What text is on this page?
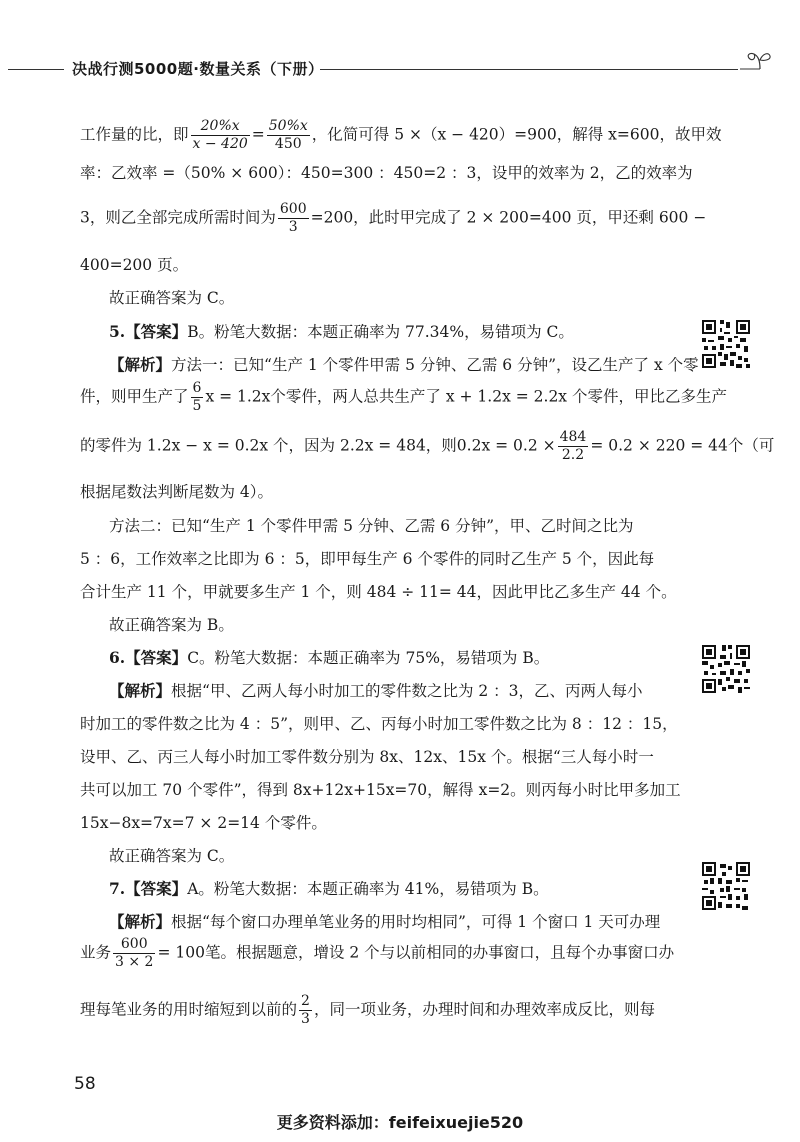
决战行测5000题·数量关系（下册）
工作量的比，即 $\frac{20\%x}{x - 420} = \frac{50\%x}{450}$ ，化简可得 5 ×（x − 420）=900，解得 x=600，故甲效
率：乙效率 =（50% × 600）：450=300 ：450=2 ：3，设甲的效率为 2，乙的效率为
3，则乙全部完成所需时间为 $\frac{600}{3} =200$，此时甲完成了 2 × 200=400 页，甲还剩 600 −
400=200 页。
故正确答案为 C。
5.【答案】B。粉笔大数据：本题正确率为 77.34%，易错项为 C。
【解析】方法一：已知“生产 1 个零件甲需 5 分钟、乙需 6 分钟”，设乙生产了 x 个零
件，则甲生产了 $\frac{6}{5}$ x = 1.2x个零件，两人总共生产了 x + 1.2x = 2.2x 个零件，甲比乙多生产
的零件为 1.2x − x = 0.2x 个，因为 2.2x = 484，则$0.2x = 0.2 \times \frac{484}{2.2} = 0.2 \times 220 = 44$个（可
根据尾数法判断尾数为 4）。
方法二：已知“生产 1 个零件甲需 5 分钟、乙需 6 分钟”，甲、乙时间之比为
5 ：6，工作效率之比即为 6 ：5，即甲每生产 6 个零件的同时乙生产 5 个，因此每
合计生产 11 个，甲就要多生产 1 个，则 484 ÷ 11= 44，因此甲比乙多生产 44 个。
故正确答案为 B。
6.【答案】C。粉笔大数据：本题正确率为 75%，易错项为 B。
【解析】根据“甲、乙两人每小时加工的零件数之比为 2 ：3，乙、丙两人每小
时加工的零件数之比为 4 ：5”，则甲、乙、丙每小时加工零件数之比为 8 ：12 ：15，
设甲、乙、丙三人每小时加工零件数分别为 8x、12x、15x 个。根据“三人每小时一
共可以加工 70 个零件”，得到 8x+12x+15x=70，解得 x=2。则丙每小时比甲多加工
15x−8x=7x=7 × 2=14 个零件。
故正确答案为 C。
7.【答案】A。粉笔大数据：本题正确率为 41%，易错项为 B。
【解析】根据“每个窗口办理单笔业务的用时均相同”，可得 1 个窗口 1 天可办理
业务 $\frac{600}{3 \times 2} = 100$笔。根据题意，增设 2 个与以前相同的办事窗口，且每个办事窗口办
理每笔业务的用时缩短到以前的 $\frac{2}{3}$ ，同一项业务，办理时间和办理效率成反比，则每
58
更多资料添加：feifeixuejie520
